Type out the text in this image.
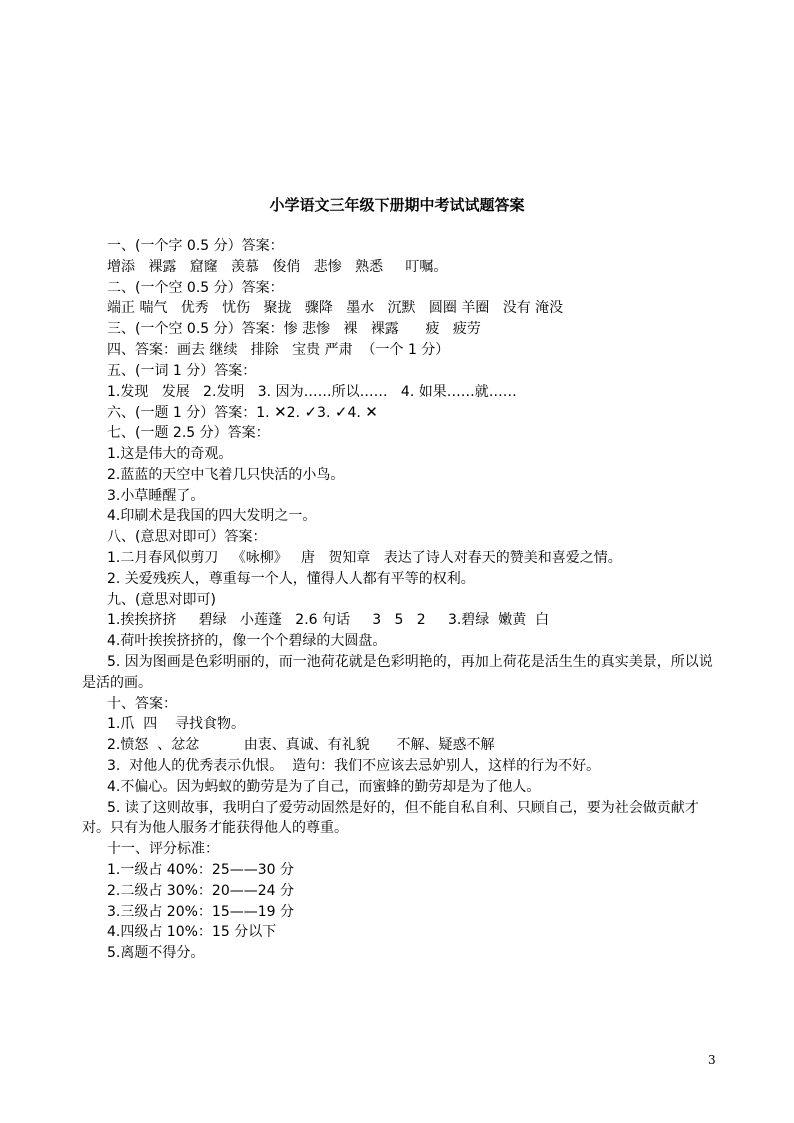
小学语文三年级下册期中考试试题答案
一、(一个字 0.5 分）答案：
增添   裸露   窟窿   羡慕   俊俏   悲惨   熟悉     叮嘱。
二、(一个空 0.5 分）答案：
端正 喘气   优秀   忧伤   聚拢   骤降   墨水   沉默   圆圈 羊圈   没有 淹没
三、(一个空 0.5 分）答案：惨 悲惨   裸   裸露      疲   疲劳
四、答案：画去 继续   排除   宝贵 严肃  （一个 1 分）
五、(一词 1 分）答案：
1.发现   发展   2.发明   3. 因为……所以……   4. 如果……就……
六、(一题 1 分）答案：1. ✕2. ✓3. ✓4. ✕
七、(一题 2.5 分）答案：
1.这是伟大的奇观。
2.蓝蓝的天空中飞着几只快活的小鸟。
3.小草睡醒了。
4.印刷术是我国的四大发明之一。
八、(意思对即可）答案：
1.二月春风似剪刀   《咏柳》   唐   贺知章   表达了诗人对春天的赞美和喜爱之情。
2. 关爱残疾人，尊重每一个人，懂得人人都有平等的权利。
九、(意思对即可)
1.挨挨挤挤     碧绿   小莲蓬   2.6 句话     3   5   2     3.碧绿  嫩黄  白
4.荷叶挨挨挤挤的，像一个个碧绿的大圆盘。
5. 因为图画是色彩明丽的，而一池荷花就是色彩明艳的，再加上荷花是活生生的真实美景，所以说是活的画。
十、答案：
1.爪  四    寻找食物。
2.愤怒  、忿忿          由衷、真诚、有礼貌      不解、疑惑不解
3.  对他人的优秀表示仇恨。  造句：我们不应该去忌妒别人，这样的行为不好。
4.不偏心。因为蚂蚁的勤劳是为了自己，而蜜蜂的勤劳却是为了他人。
5. 读了这则故事，我明白了爱劳动固然是好的，但不能自私自利、只顾自己，要为社会做贡献才对。只有为他人服务才能获得他人的尊重。
十一、评分标准：
1.一级占 40%：25——30 分
2.二级占 30%：20——24 分
3.三级占 20%：15——19 分
4.四级占 10%：15 分以下
5.离题不得分。
3
